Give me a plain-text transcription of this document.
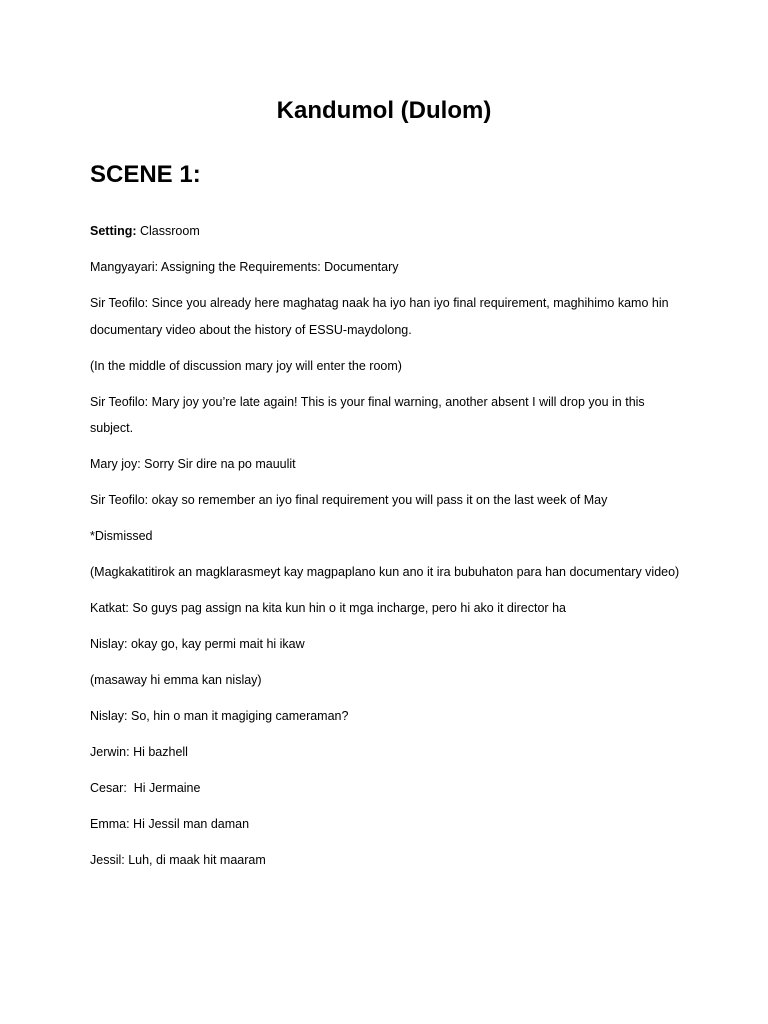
Kandumol (Dulom)
SCENE 1:

Setting: Classroom

Mangyayari: Assigning the Requirements: Documentary

Sir Teofilo: Since you already here maghatag naak ha iyo han iyo final requirement, maghihimo kamo hin documentary video about the history of ESSU-maydolong.

(In the middle of discussion mary joy will enter the room)

Sir Teofilo: Mary joy you’re late again! This is your final warning, another absent I will drop you in this subject.

Mary joy: Sorry Sir dire na po mauulit

Sir Teofilo: okay so remember an iyo final requirement you will pass it on the last week of May

*Dismissed

(Magkakatitirok an magklarasmeyt kay magpaplano kun ano it ira bubuhaton para han documentary video)

Katkat: So guys pag assign na kita kun hin o it mga incharge, pero hi ako it director ha

Nislay: okay go, kay permi mait hi ikaw

(masaway hi emma kan nislay)

Nislay: So, hin o man it magiging cameraman?

Jerwin: Hi bazhell

Cesar:  Hi Jermaine

Emma: Hi Jessil man daman

Jessil: Luh, di maak hit maaram
